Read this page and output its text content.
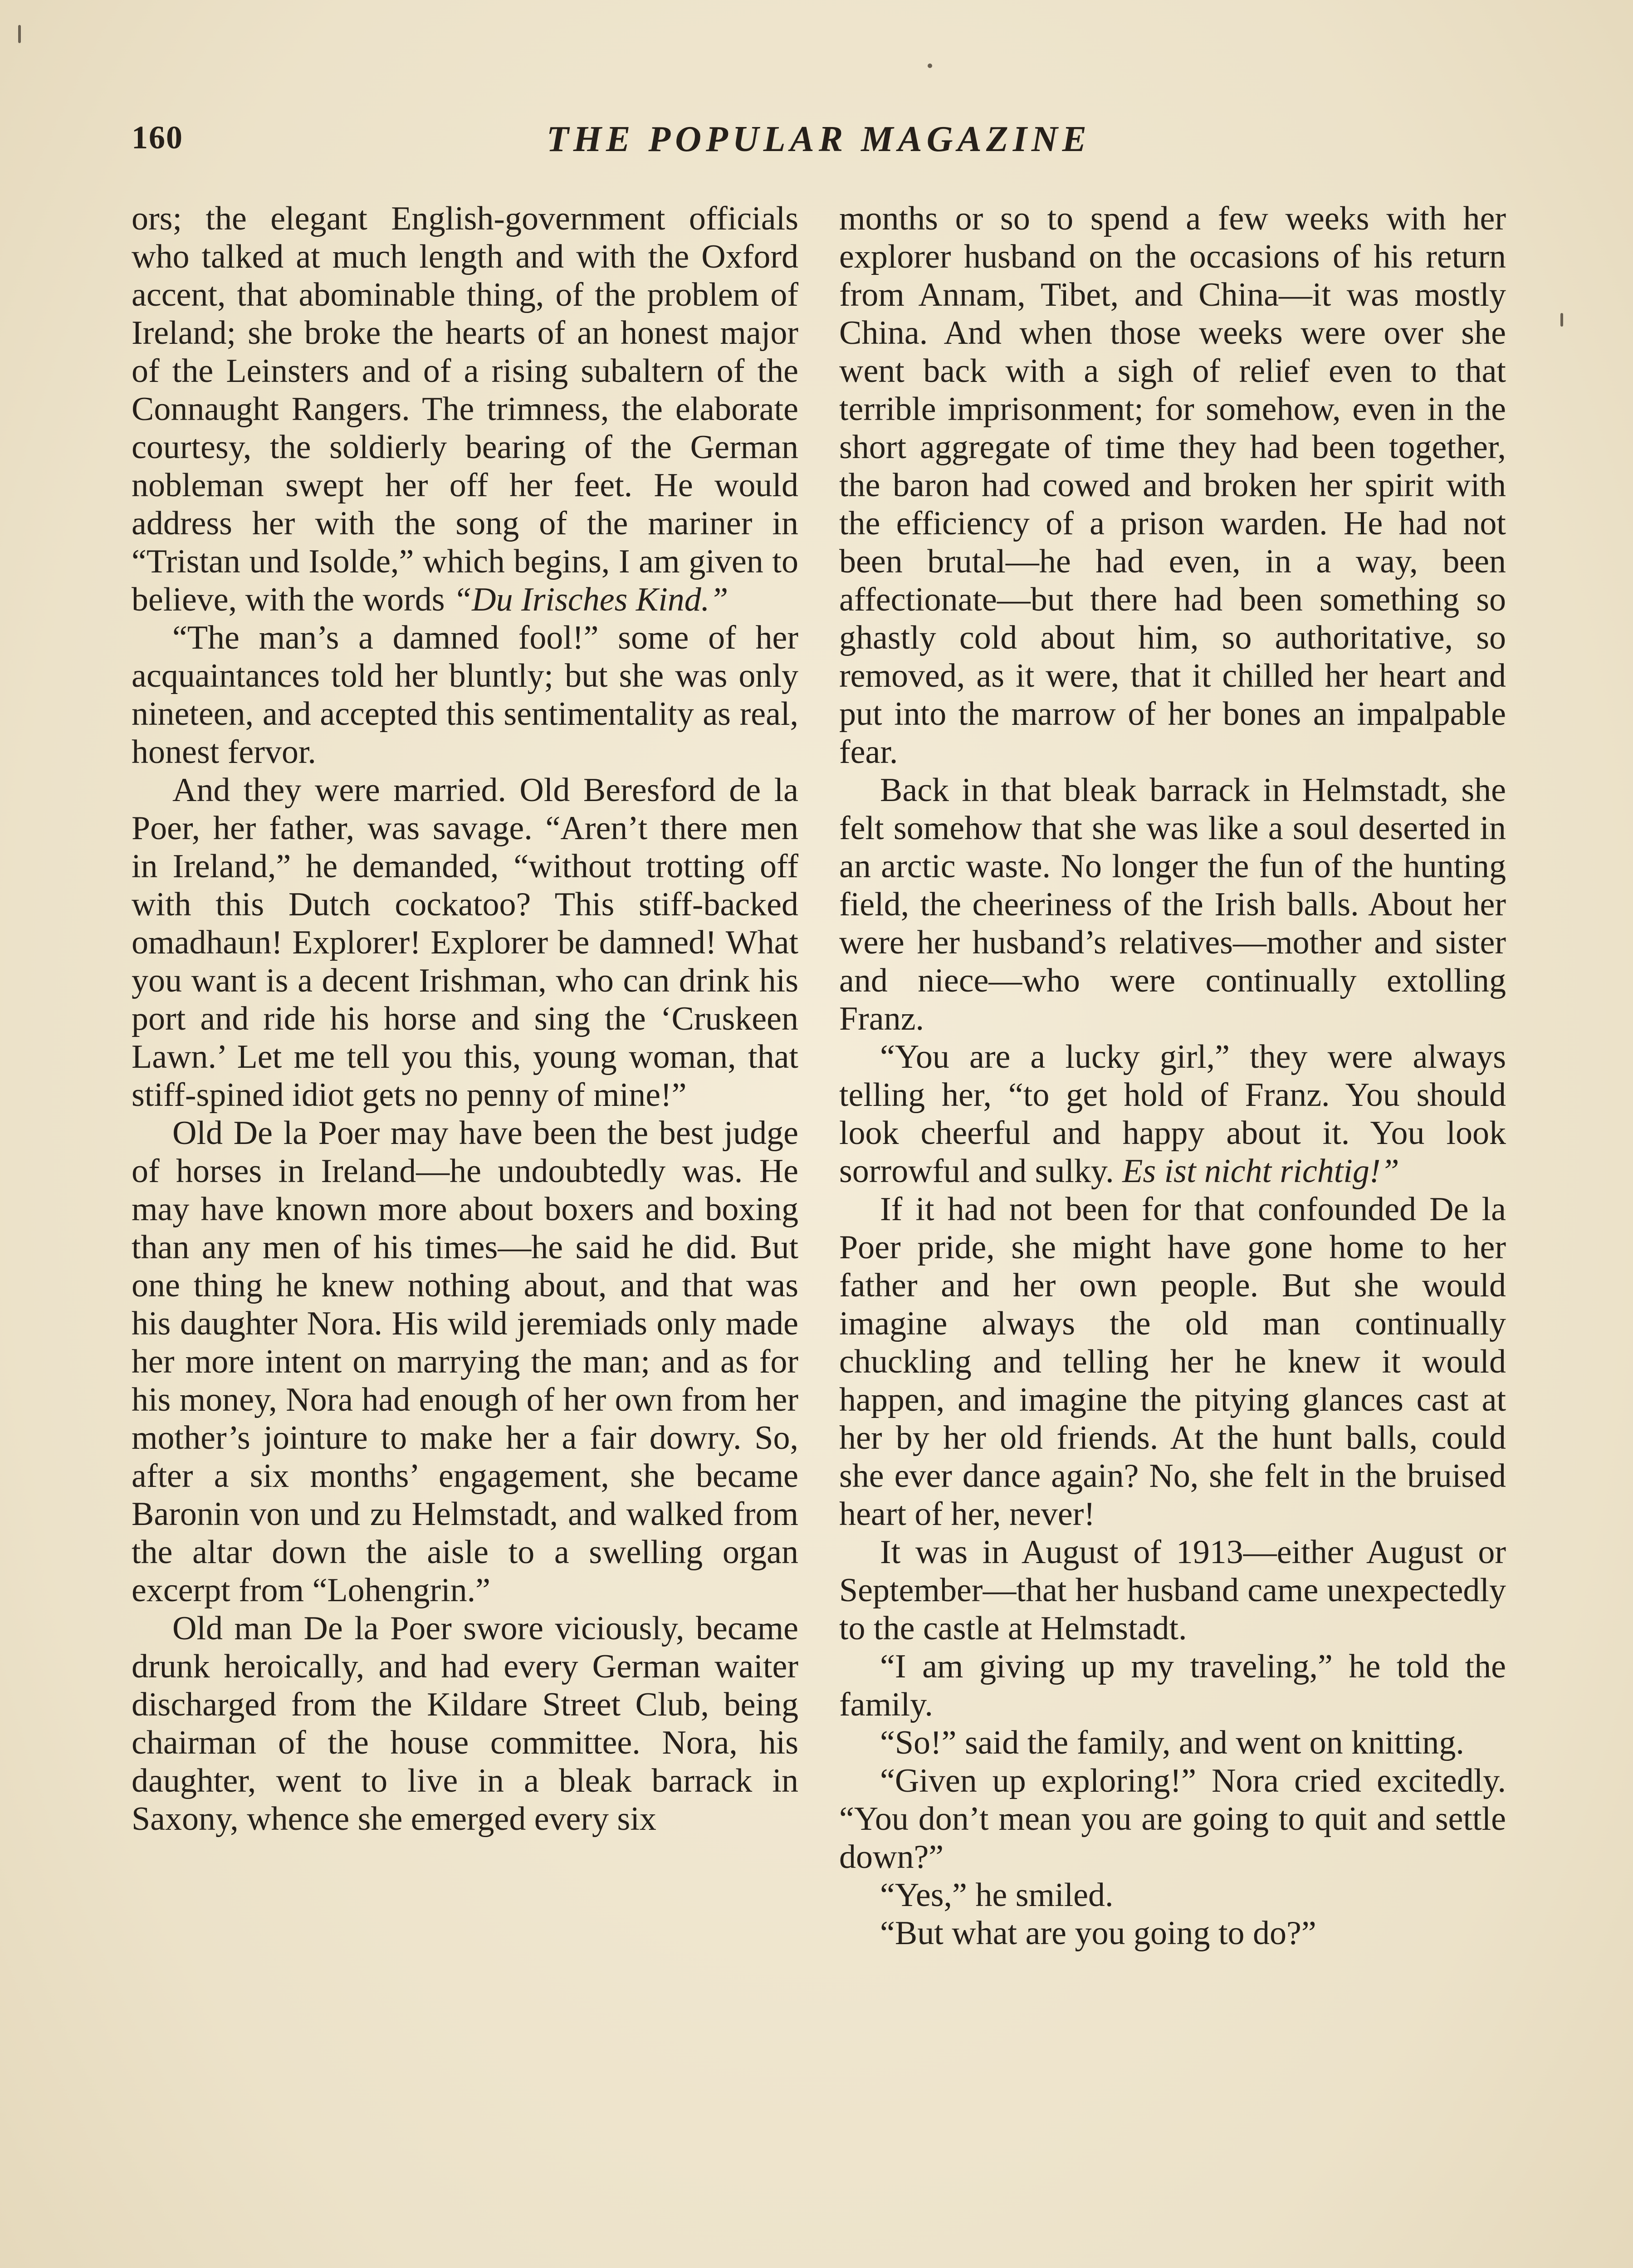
160	THE POPULAR MAGAZINE

ors; the elegant English-government officials who talked at much length and with the Oxford accent, that abominable thing, of the problem of Ireland; she broke the hearts of an honest major of the Leinsters and of a rising subaltern of the Connaught Rangers. The trimness, the elaborate courtesy, the soldierly bearing of the German nobleman swept her off her feet. He would address her with the song of the mariner in “Tristan und Isolde,” which begins, I am given to believe, with the words “Du Irisches Kind.”

“The man’s a damned fool!” some of her acquaintances told her bluntly; but she was only nineteen, and accepted this sentimentality as real, honest fervor.

And they were married. Old Beresford de la Poer, her father, was savage. “Aren’t there men in Ireland,” he demanded, “without trotting off with this Dutch cockatoo? This stiff-backed omadhaun! Explorer! Explorer be damned! What you want is a decent Irishman, who can drink his port and ride his horse and sing the ‘Cruskeen Lawn.’ Let me tell you this, young woman, that stiff-spined idiot gets no penny of mine!”

Old De la Poer may have been the best judge of horses in Ireland—he undoubtedly was. He may have known more about boxers and boxing than any men of his times—he said he did. But one thing he knew nothing about, and that was his daughter Nora. His wild jeremiads only made her more intent on marrying the man; and as for his money, Nora had enough of her own from her mother’s jointure to make her a fair dowry. So, after a six months’ engagement, she became Baronin von und zu Helmstadt, and walked from the altar down the aisle to a swelling organ excerpt from “Lohengrin.”

Old man De la Poer swore viciously, became drunk heroically, and had every German waiter discharged from the Kildare Street Club, being chairman of the house committee. Nora, his daughter, went to live in a bleak barrack in Saxony, whence she emerged every six

months or so to spend a few weeks with her explorer husband on the occasions of his return from Annam, Tibet, and China—it was mostly China. And when those weeks were over she went back with a sigh of relief even to that terrible imprisonment; for somehow, even in the short aggregate of time they had been together, the baron had cowed and broken her spirit with the efficiency of a prison warden. He had not been brutal—he had even, in a way, been affectionate—but there had been something so ghastly cold about him, so authoritative, so removed, as it were, that it chilled her heart and put into the marrow of her bones an impalpable fear.

Back in that bleak barrack in Helmstadt, she felt somehow that she was like a soul deserted in an arctic waste. No longer the fun of the hunting field, the cheeriness of the Irish balls. About her were her husband’s relatives—mother and sister and niece—who were continually extolling Franz.

“You are a lucky girl,” they were always telling her, “to get hold of Franz. You should look cheerful and happy about it. You look sorrowful and sulky. Es ist nicht richtig!”

If it had not been for that confounded De la Poer pride, she might have gone home to her father and her own people. But she would imagine always the old man continually chuckling and telling her he knew it would happen, and imagine the pitying glances cast at her by her old friends. At the hunt balls, could she ever dance again? No, she felt in the bruised heart of her, never!

It was in August of 1913—either August or September—that her husband came unexpectedly to the castle at Helmstadt.

“I am giving up my traveling,” he told the family.

“So!” said the family, and went on knitting.

“Given up exploring!” Nora cried excitedly. “You don’t mean you are going to quit and settle down?”

“Yes,” he smiled.

“But what are you going to do?”
